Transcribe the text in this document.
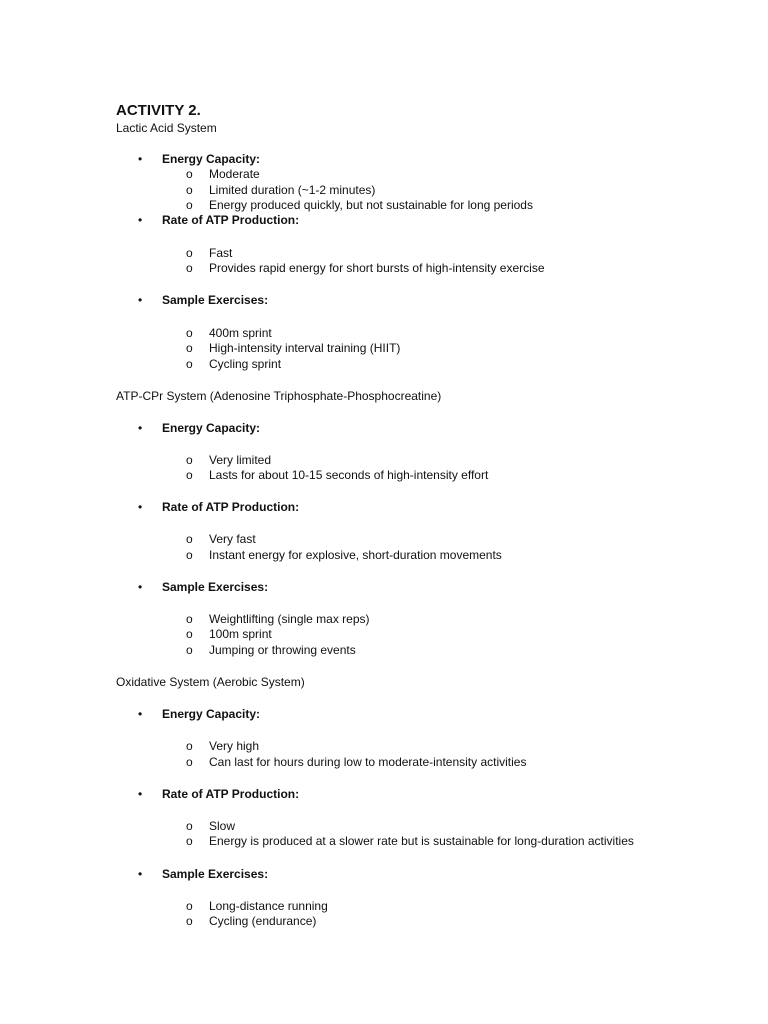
ACTIVITY 2.
Lactic Acid System
• Energy Capacity:
o Moderate
o Limited duration (~1-2 minutes)
o Energy produced quickly, but not sustainable for long periods
• Rate of ATP Production:
o Fast
o Provides rapid energy for short bursts of high-intensity exercise
• Sample Exercises:
o 400m sprint
o High-intensity interval training (HIIT)
o Cycling sprint
ATP-CPr System (Adenosine Triphosphate-Phosphocreatine)
• Energy Capacity:
o Very limited
o Lasts for about 10-15 seconds of high-intensity effort
• Rate of ATP Production:
o Very fast
o Instant energy for explosive, short-duration movements
• Sample Exercises:
o Weightlifting (single max reps)
o 100m sprint
o Jumping or throwing events
Oxidative System (Aerobic System)
• Energy Capacity:
o Very high
o Can last for hours during low to moderate-intensity activities
• Rate of ATP Production:
o Slow
o Energy is produced at a slower rate but is sustainable for long-duration activities
• Sample Exercises:
o Long-distance running
o Cycling (endurance)
